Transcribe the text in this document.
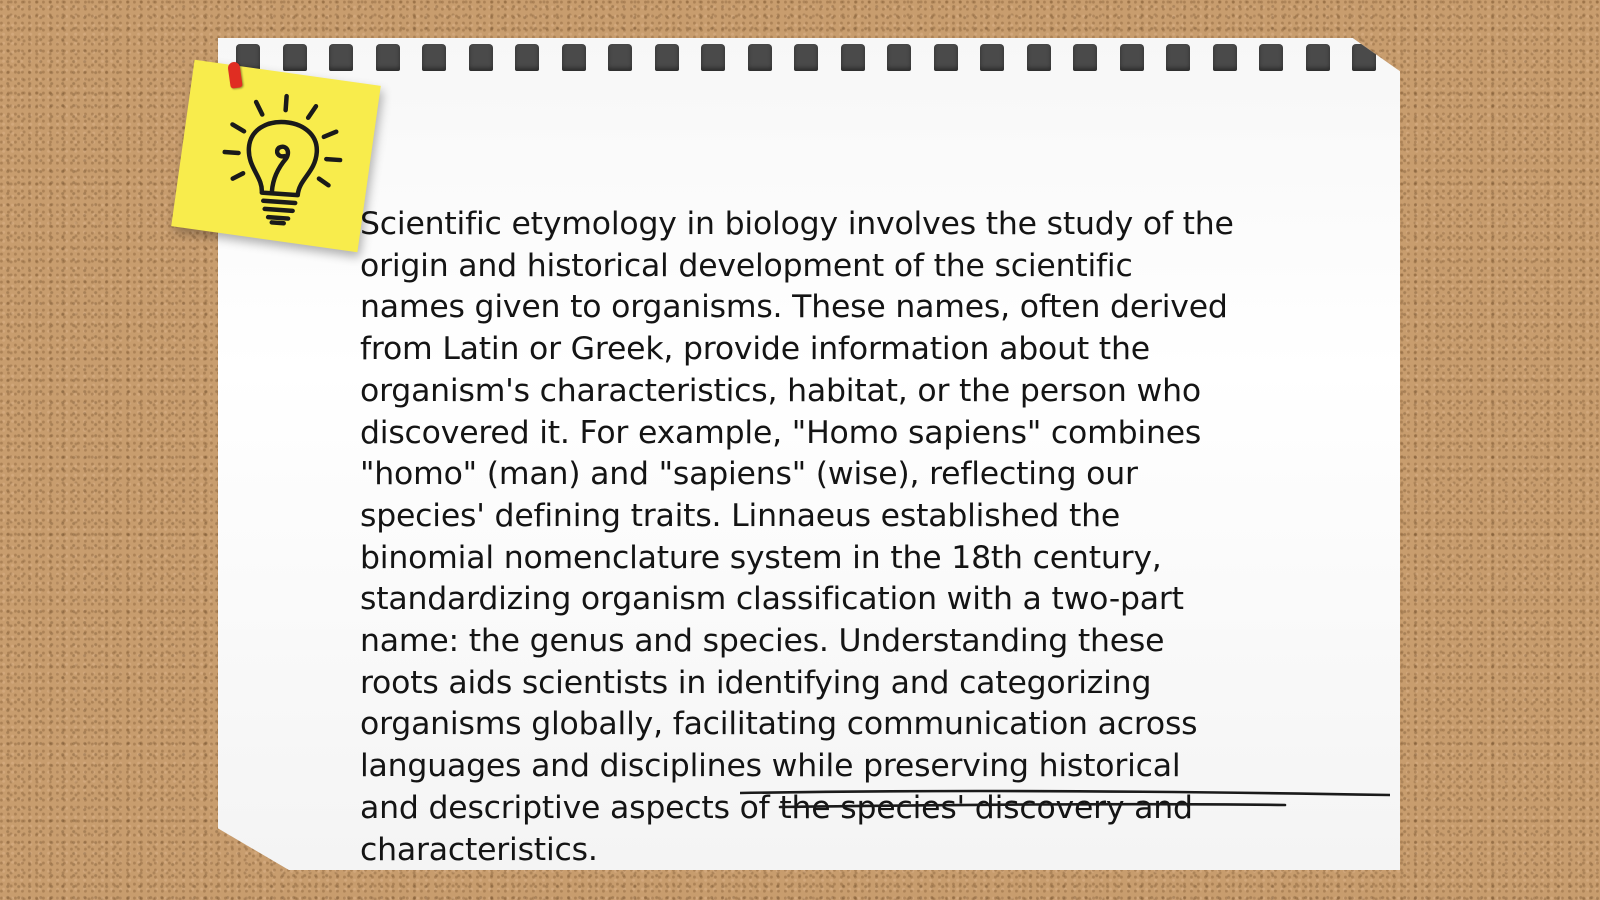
Scientific etymology in biology involves the study of the origin and historical development of the scientific names given to organisms. These names, often derived from Latin or Greek, provide information about the organism's characteristics, habitat, or the person who discovered it. For example, "Homo sapiens" combines "homo" (man) and "sapiens" (wise), reflecting our species' defining traits. Linnaeus established the binomial nomenclature system in the 18th century, standardizing organism classification with a two-part name: the genus and species. Understanding these roots aids scientists in identifying and categorizing organisms globally, facilitating communication across languages and disciplines while preserving historical and descriptive aspects of the species' discovery and characteristics.
